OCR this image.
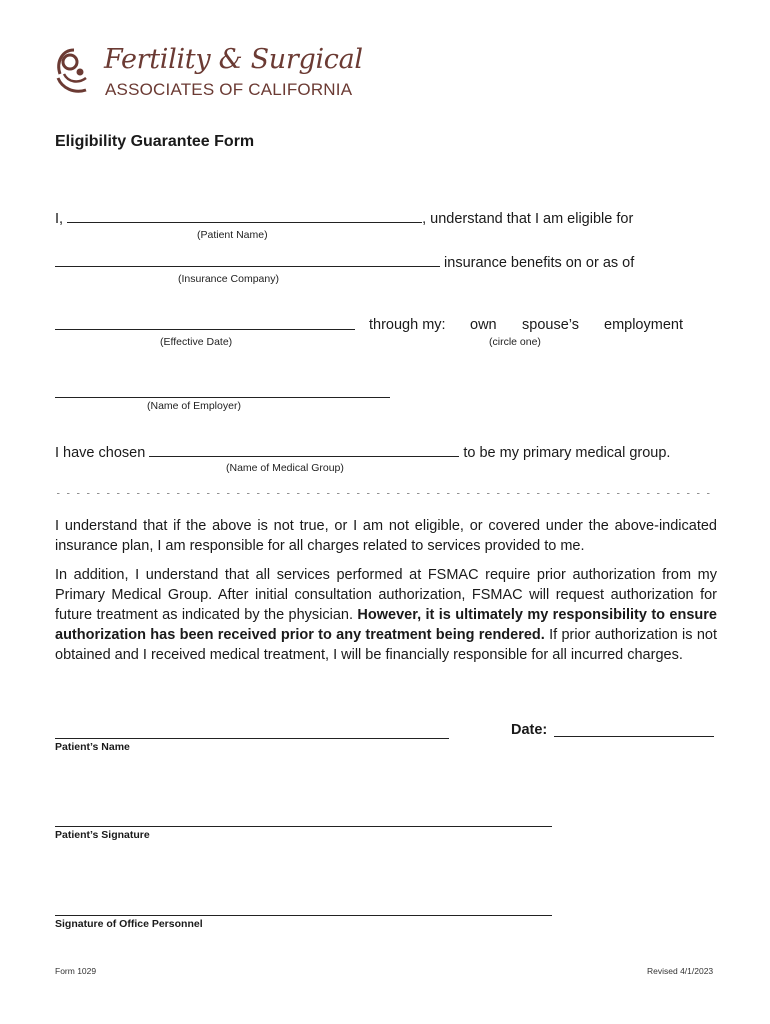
Fertility & Surgical
ASSOCIATES OF CALIFORNIA
Eligibility Guarantee Form
I,	, understand that I am eligible for
(Patient Name)
insurance benefits on or as of
(Insurance Company)
through my: own spouse’s employment
(Effective Date)	(circle one)
(Name of Employer)
I have chosen	to be my primary medical group.
(Name of Medical Group)
I understand that if the above is not true, or I am not eligible, or covered under the above-indicated insurance plan, I am responsible for all charges related to services provided to me.
In addition, I understand that all services performed at FSMAC require prior authorization from my Primary Medical Group. After initial consultation authorization, FSMAC will request authorization for future treatment as indicated by the physician. However, it is ultimately my responsibility to ensure authorization has been received prior to any treatment being rendered. If prior authorization is not obtained and I received medical treatment, I will be financially responsible for all incurred charges.
Patient’s Name
Date:
Patient’s Signature
Signature of Office Personnel
Form 1029	Revised 4/1/2023
